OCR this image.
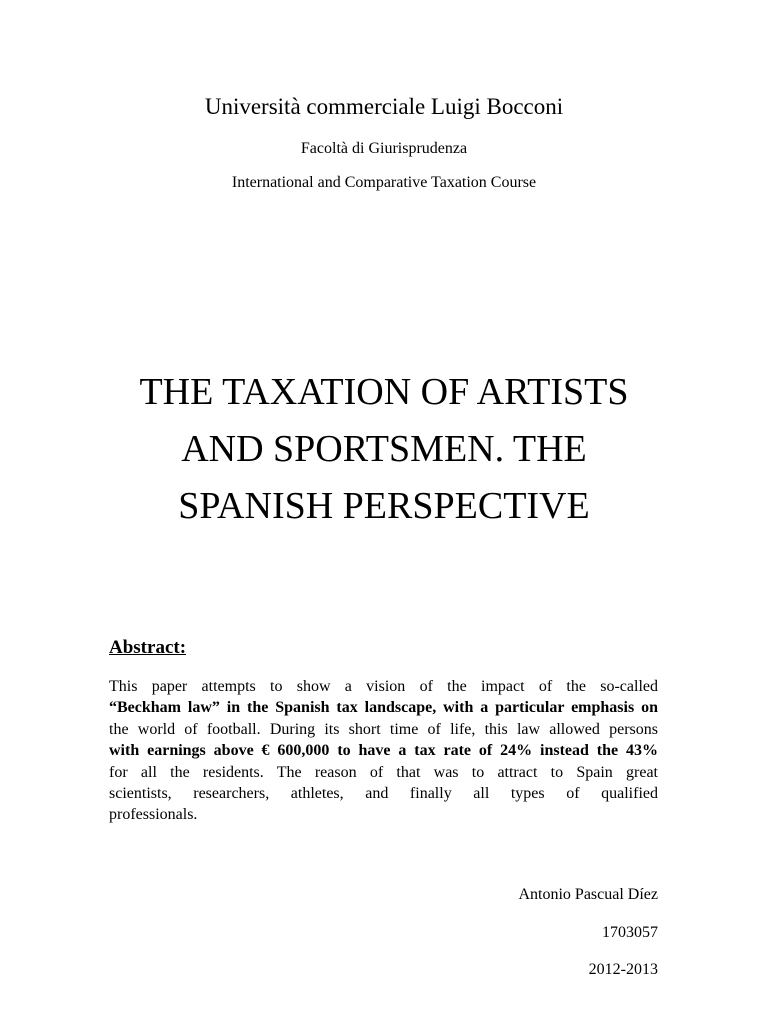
Università commerciale Luigi Bocconi
Facoltà di Giurisprudenza
International and Comparative Taxation Course
THE TAXATION OF ARTISTS
AND SPORTSMEN. THE
SPANISH PERSPECTIVE
Abstract:
This paper attempts to show a vision of the impact of the so-called
“Beckham law” in the Spanish tax landscape, with a particular emphasis on
the world of football. During its short time of life, this law allowed persons
with earnings above € 600,000 to have a tax rate of 24% instead the 43%
for all the residents. The reason of that was to attract to Spain great
scientists, researchers, athletes, and finally all types of qualified
professionals.
Antonio Pascual Díez
1703057
2012-2013
